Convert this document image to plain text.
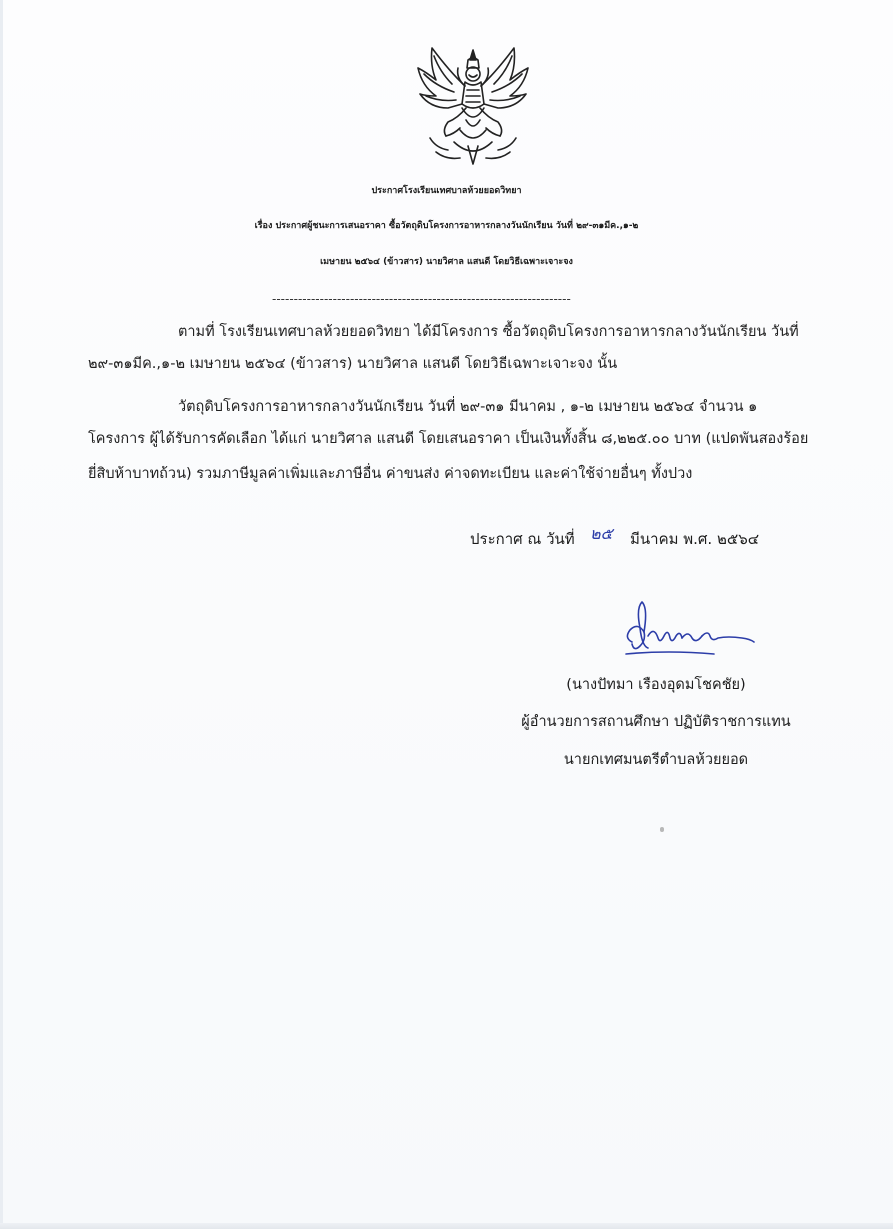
ประกาศโรงเรียนเทศบาลห้วยยอดวิทยา
เรื่อง ประกาศผู้ชนะการเสนอราคา ซื้อวัตถุดิบโครงการอาหารกลางวันนักเรียน วันที่ ๒๙-๓๑มีค.,๑-๒
เมษายน ๒๕๖๔ (ข้าวสาร) นายวิศาล แสนดี โดยวิธีเฉพาะเจาะจง
---------------------------------------------------------------------
ตามที่ โรงเรียนเทศบาลห้วยยอดวิทยา ได้มีโครงการ ซื้อวัตถุดิบโครงการอาหารกลางวันนักเรียน วันที่
๒๙-๓๑มีค.,๑-๒ เมษายน ๒๕๖๔ (ข้าวสาร) นายวิศาล แสนดี โดยวิธีเฉพาะเจาะจง นั้น
วัตถุดิบโครงการอาหารกลางวันนักเรียน วันที่ ๒๙-๓๑ มีนาคม , ๑-๒ เมษายน ๒๕๖๔ จำนวน ๑
โครงการ ผู้ได้รับการคัดเลือก ได้แก่ นายวิศาล แสนดี โดยเสนอราคา เป็นเงินทั้งสิ้น ๘,๒๒๕.๐๐ บาท (แปดพันสองร้อย
ยี่สิบห้าบาทถ้วน) รวมภาษีมูลค่าเพิ่มและภาษีอื่น ค่าขนส่ง ค่าจดทะเบียน และค่าใช้จ่ายอื่นๆ ทั้งปวง
ประกาศ ณ วันที่ ๒๕ มีนาคม พ.ศ. ๒๕๖๔
(นางปัทมา เรืองอุดมโชคชัย)
ผู้อำนวยการสถานศึกษา ปฏิบัติราชการแทน
นายกเทศมนตรีตำบลห้วยยอด
